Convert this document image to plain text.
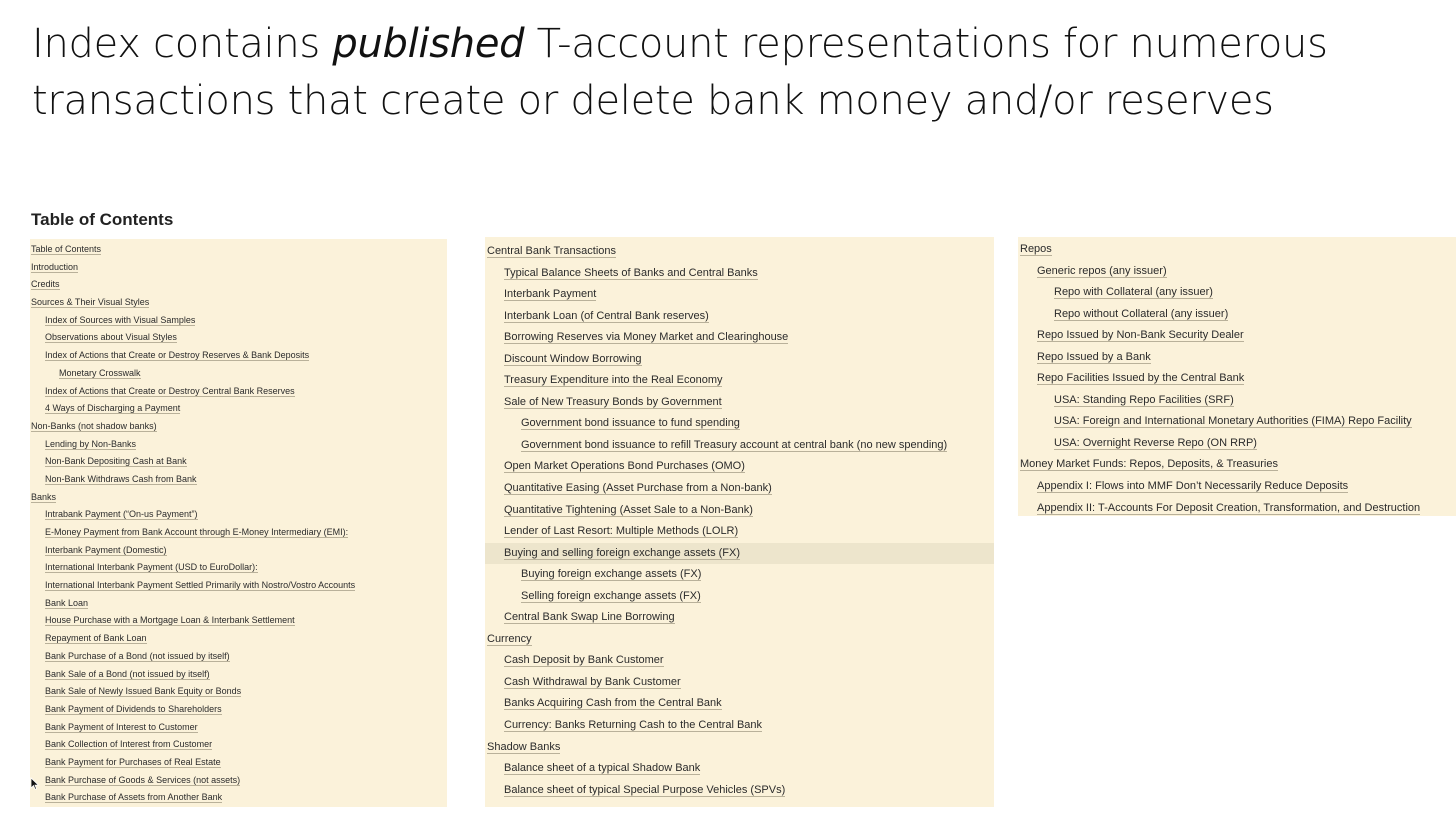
Index contains published T-account representations for numerous transactions that create or delete bank money and/or reserves
Table of Contents
Table of Contents
Introduction
Credits
Sources & Their Visual Styles
Index of Sources with Visual Samples
Observations about Visual Styles
Index of Actions that Create or Destroy Reserves & Bank Deposits
Monetary Crosswalk
Index of Actions that Create or Destroy Central Bank Reserves
4 Ways of Discharging a Payment
Non-Banks (not shadow banks)
Lending by Non-Banks
Non-Bank Depositing Cash at Bank
Non-Bank Withdraws Cash from Bank
Banks
Intrabank Payment (“On-us Payment”)
E-Money Payment from Bank Account through E-Money Intermediary (EMI):
Interbank Payment (Domestic)
International Interbank Payment (USD to EuroDollar):
International Interbank Payment Settled Primarily with Nostro/Vostro Accounts
Bank Loan
House Purchase with a Mortgage Loan & Interbank Settlement
Repayment of Bank Loan
Bank Purchase of a Bond (not issued by itself)
Bank Sale of a Bond (not issued by itself)
Bank Sale of Newly Issued Bank Equity or Bonds
Bank Payment of Dividends to Shareholders
Bank Payment of Interest to Customer
Bank Collection of Interest from Customer
Bank Payment for Purchases of Real Estate
Bank Purchase of Goods & Services (not assets)
Bank Purchase of Assets from Another Bank
Central Bank Transactions
Typical Balance Sheets of Banks and Central Banks
Interbank Payment
Interbank Loan (of Central Bank reserves)
Borrowing Reserves via Money Market and Clearinghouse
Discount Window Borrowing
Treasury Expenditure into the Real Economy
Sale of New Treasury Bonds by Government
Government bond issuance to fund spending
Government bond issuance to refill Treasury account at central bank (no new spending)
Open Market Operations Bond Purchases (OMO)
Quantitative Easing (Asset Purchase from a Non-bank)
Quantitative Tightening (Asset Sale to a Non-Bank)
Lender of Last Resort: Multiple Methods (LOLR)
Buying and selling foreign exchange assets (FX)
Buying foreign exchange assets (FX)
Selling foreign exchange assets (FX)
Central Bank Swap Line Borrowing
Currency
Cash Deposit by Bank Customer
Cash Withdrawal by Bank Customer
Banks Acquiring Cash from the Central Bank
Currency: Banks Returning Cash to the Central Bank
Shadow Banks
Balance sheet of a typical Shadow Bank
Balance sheet of typical Special Purpose Vehicles (SPVs)
Repos
Generic repos (any issuer)
Repo with Collateral (any issuer)
Repo without Collateral (any issuer)
Repo Issued by Non-Bank Security Dealer
Repo Issued by a Bank
Repo Facilities Issued by the Central Bank
USA: Standing Repo Facilities (SRF)
USA: Foreign and International Monetary Authorities (FIMA) Repo Facility
USA: Overnight Reverse Repo (ON RRP)
Money Market Funds: Repos, Deposits, & Treasuries
Appendix I: Flows into MMF Don’t Necessarily Reduce Deposits
Appendix II: T-Accounts For Deposit Creation, Transformation, and Destruction
